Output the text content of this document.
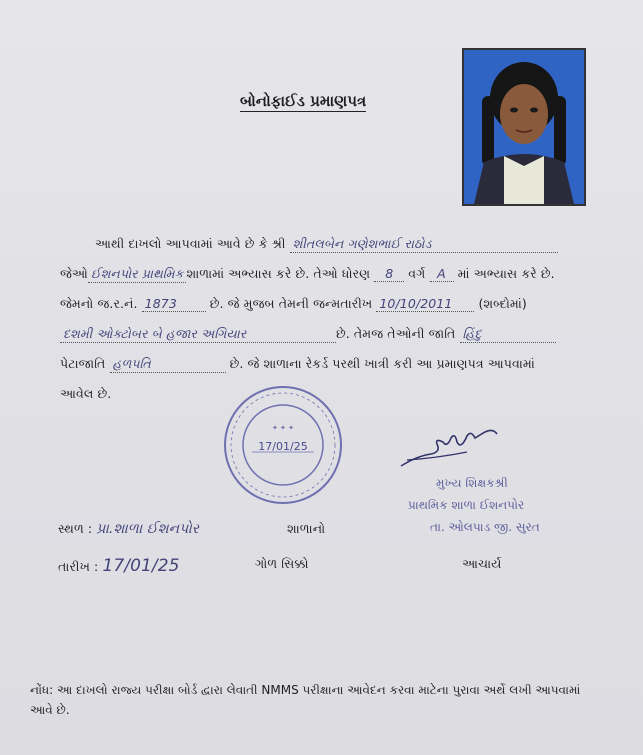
બોનોફાઈડ પ્રમાણપત્ર
આથી દાખલો આપવામાં આવે છે કે શ્રી શીતલબેન ગણેશભાઈ રાઠોડ
જેઓ ઈશનપોર પ્રાથમિક શાળામાં અભ્યાસ કરે છે. તેઓ ધોરણ 8 વર્ગ A માં અભ્યાસ કરે છે.
જેમનો જ.ર.નં. 1873	છે. જે મુજબ તેમની જન્મતારીખ 10/10/2011 (શબ્દોમાં)
દશમી ઓક્ટોબર બે હજાર અગિયાર	છે. તેમજ તેઓની જાતિ હિંદુ
પેટાજાતિ હળપતિ	છે. જે શાળાના રેકર્ડ પરથી ખાત્રી કરી આ પ્રમાણપત્ર આપવામાં
આવેલ છે.
✦ ✦ ✦
17/01/25
મુખ્ય શિક્ષકશ્રી
પ્રાથમિક શાળા ઈશનપોર
તા. ઓલપાડ જી. સુરત
સ્થળ : પ્રા.શાળા ઈશનપોર	શાળાનો
તારીખ : 17/01/25	ગોળ સિક્કો	આચાર્ય
નોંધ: આ દાખલો રાજ્ય પરીક્ષા બોર્ડ દ્વારા લેવાતી NMMS પરીક્ષાના આવેદન કરવા માટેના પુરાવા અર્થે લખી આપવામાં આવે છે.
